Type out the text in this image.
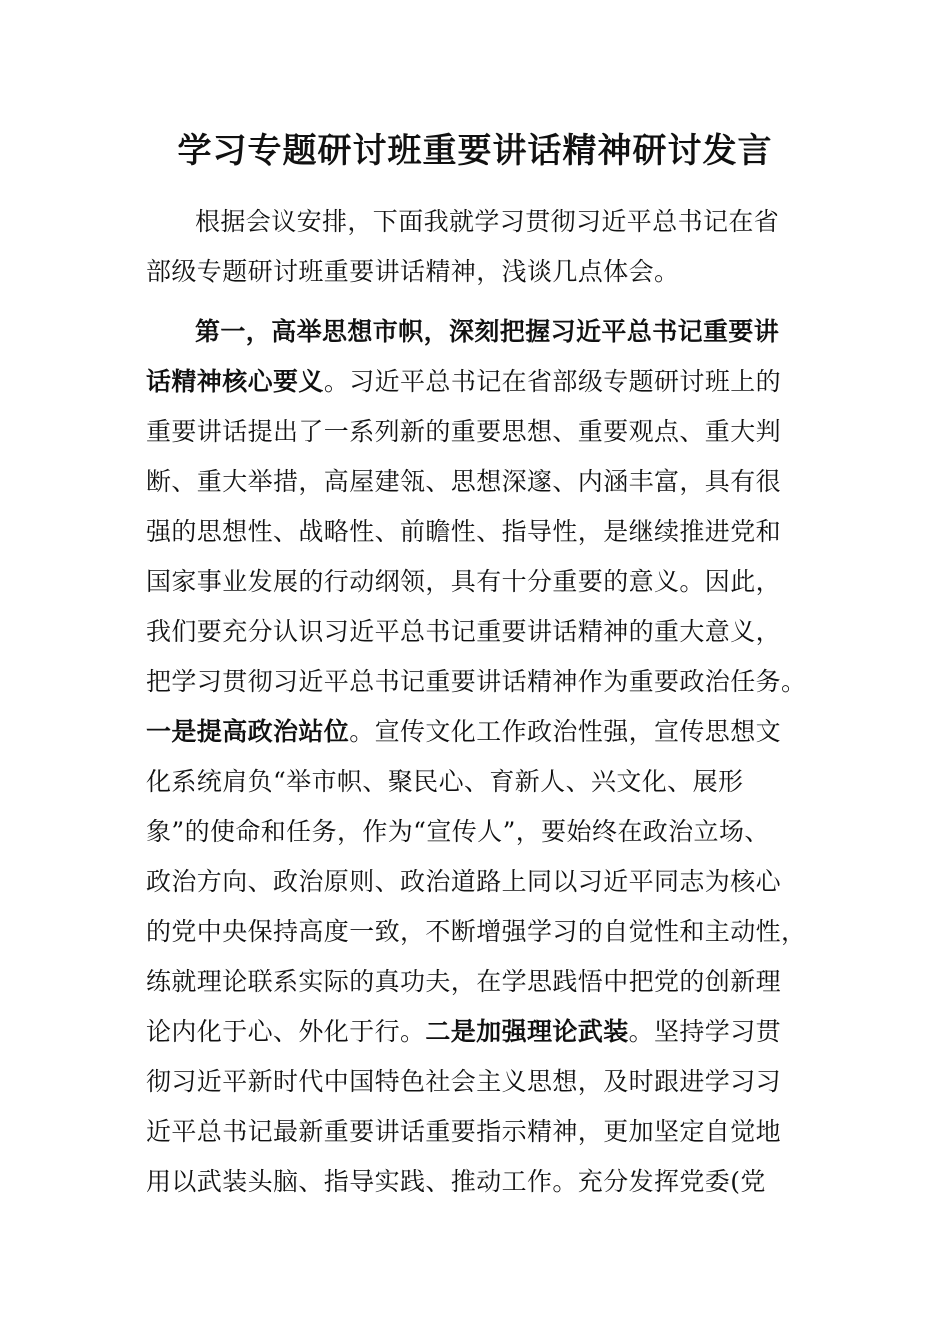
学习专题研讨班重要讲话精神研讨发言
根据会议安排，下面我就学习贯彻习近平总书记在省
部级专题研讨班重要讲话精神，浅谈几点体会。
第一，高举思想市帜，深刻把握习近平总书记重要讲
话精神核心要义。习近平总书记在省部级专题研讨班上的
重要讲话提出了一系列新的重要思想、重要观点、重大判
断、重大举措，高屋建瓴、思想深邃、内涵丰富，具有很
强的思想性、战略性、前瞻性、指导性，是继续推进党和
国家事业发展的行动纲领，具有十分重要的意义。因此，
我们要充分认识习近平总书记重要讲话精神的重大意义，
把学习贯彻习近平总书记重要讲话精神作为重要政治任务。
一是提高政治站位。宣传文化工作政治性强，宣传思想文
化系统肩负“举市帜、聚民心、育新人、兴文化、展形
象”的使命和任务，作为“宣传人”，要始终在政治立场、
政治方向、政治原则、政治道路上同以习近平同志为核心
的党中央保持高度一致，不断增强学习的自觉性和主动性，
练就理论联系实际的真功夫，在学思践悟中把党的创新理
论内化于心、外化于行。二是加强理论武装。坚持学习贯
彻习近平新时代中国特色社会主义思想，及时跟进学习习
近平总书记最新重要讲话重要指示精神，更加坚定自觉地
用以武装头脑、指导实践、推动工作。充分发挥党委(党
